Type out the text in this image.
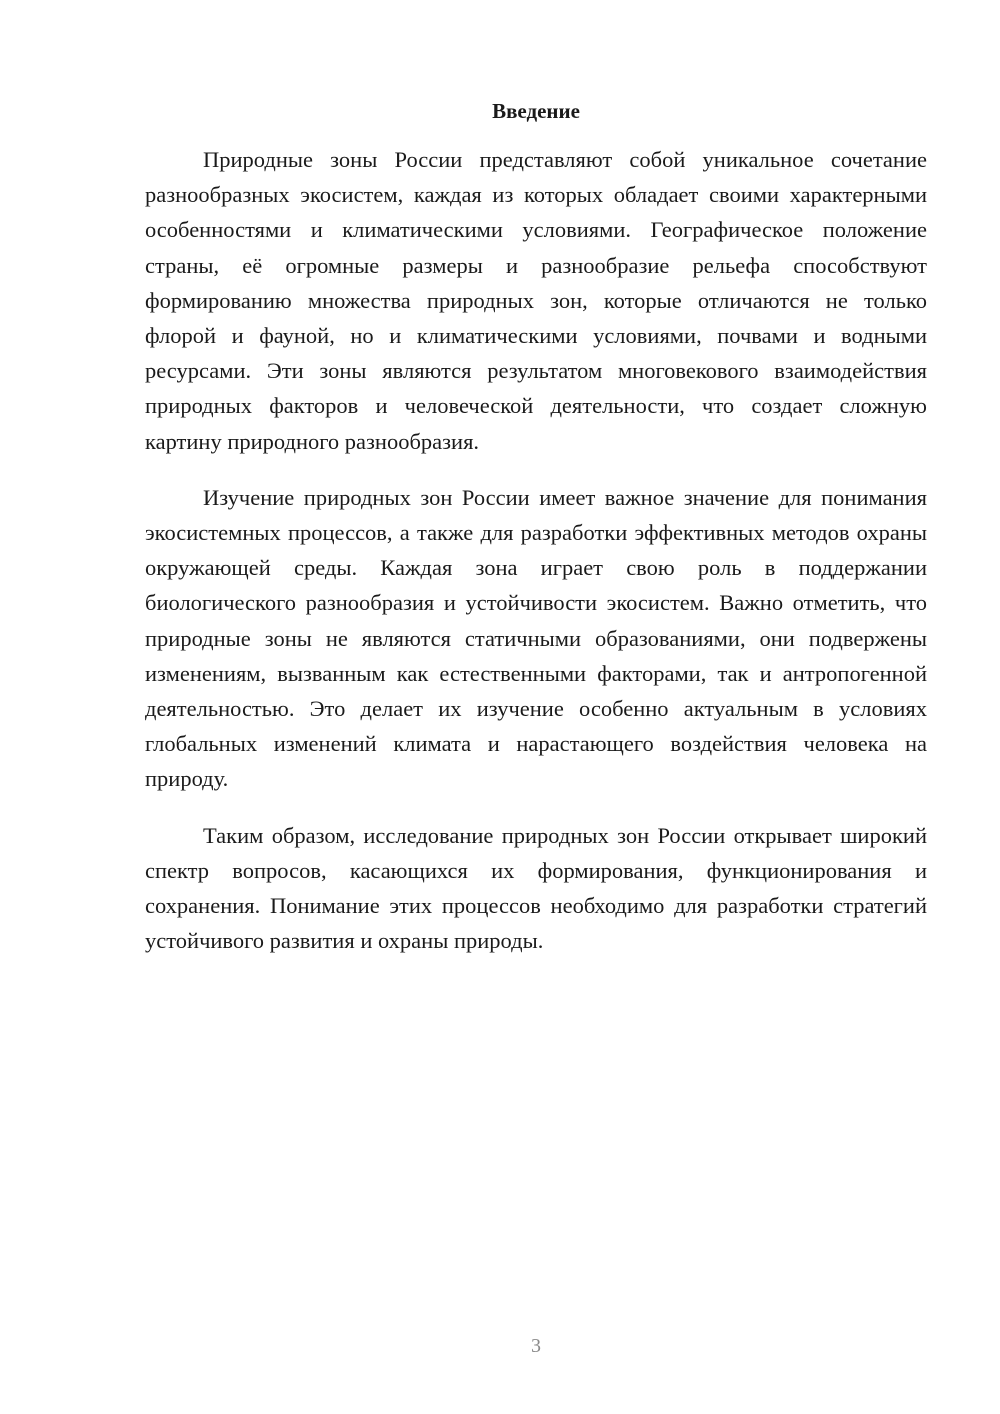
Введение

Природные зоны России представляют собой уникальное сочетание разнообразных экосистем, каждая из которых обладает своими характерными особенностями и климатическими условиями. Географическое положение страны, её огромные размеры и разнообразие рельефа способствуют формированию множества природных зон, которые отличаются не только флорой и фауной, но и климатическими условиями, почвами и водными ресурсами. Эти зоны являются результатом многовекового взаимодействия природных факторов и человеческой деятельности, что создает сложную картину природного разнообразия.

Изучение природных зон России имеет важное значение для понимания экосистемных процессов, а также для разработки эффективных методов охраны окружающей среды. Каждая зона играет свою роль в поддержании биологического разнообразия и устойчивости экосистем. Важно отметить, что природные зоны не являются статичными образованиями, они подвержены изменениям, вызванным как естественными факторами, так и антропогенной деятельностью. Это делает их изучение особенно актуальным в условиях глобальных изменений климата и нарастающего воздействия человека на природу.

Таким образом, исследование природных зон России открывает широкий спектр вопросов, касающихся их формирования, функционирования и сохранения. Понимание этих процессов необходимо для разработки стратегий устойчивого развития и охраны природы.

3
